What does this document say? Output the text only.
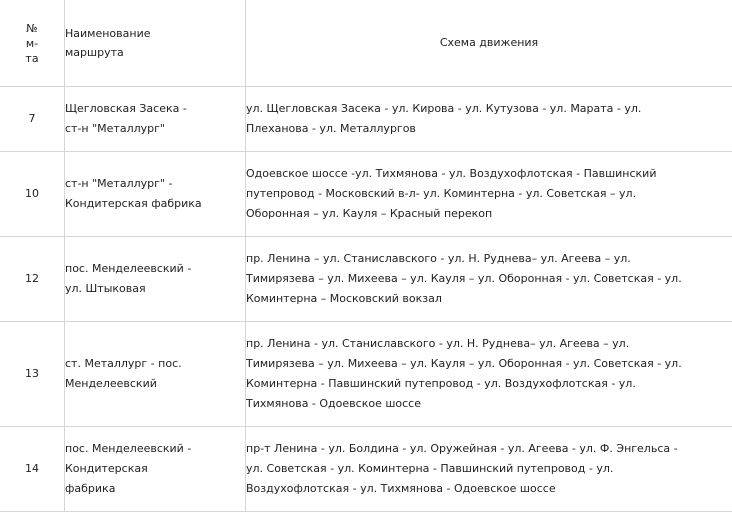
№ м-та	Наименование маршрута	Схема движения
7	Щегловская Засека - ст-н "Металлург"	ул. Щегловская Засека - ул. Кирова - ул. Кутузова - ул. Марата - ул. Плеханова - ул. Металлургов

10	ст-н "Металлург" - Кондитерская фабрика	Одоевское шоссе -ул. Тихмянова - ул. Воздухофлотская - Павшинский путепровод - Московский в-л- ул. Коминтерна - ул. Советская – ул. Оборонная – ул. Кауля – Красный перекоп

12	пос. Менделеевский - ул. Штыковая	пр. Ленина – ул. Станиславского - ул. Н. Руднева– ул. Агеева – ул. Тимирязева – ул. Михеева – ул. Кауля – ул. Оборонная - ул. Советская - ул. Коминтерна – Московский вокзал

13	ст. Металлург - пос. Менделеевский	пр. Ленина - ул. Станиславского - ул. Н. Руднева– ул. Агеева – ул. Тимирязева – ул. Михеева – ул. Кауля – ул. Оборонная - ул. Советская - ул. Коминтерна - Павшинский путепровод - ул. Воздухофлотская - ул. Тихмянова - Одоевское шоссе

14	пос. Менделеевский - Кондитерская фабрика	пр-т Ленина - ул. Болдина - ул. Оружейная - ул. Агеева - ул. Ф. Энгельса - ул. Советская - ул. Коминтерна - Павшинский путепровод - ул. Воздухофлотская - ул. Тихмянова - Одоевское шоссе
